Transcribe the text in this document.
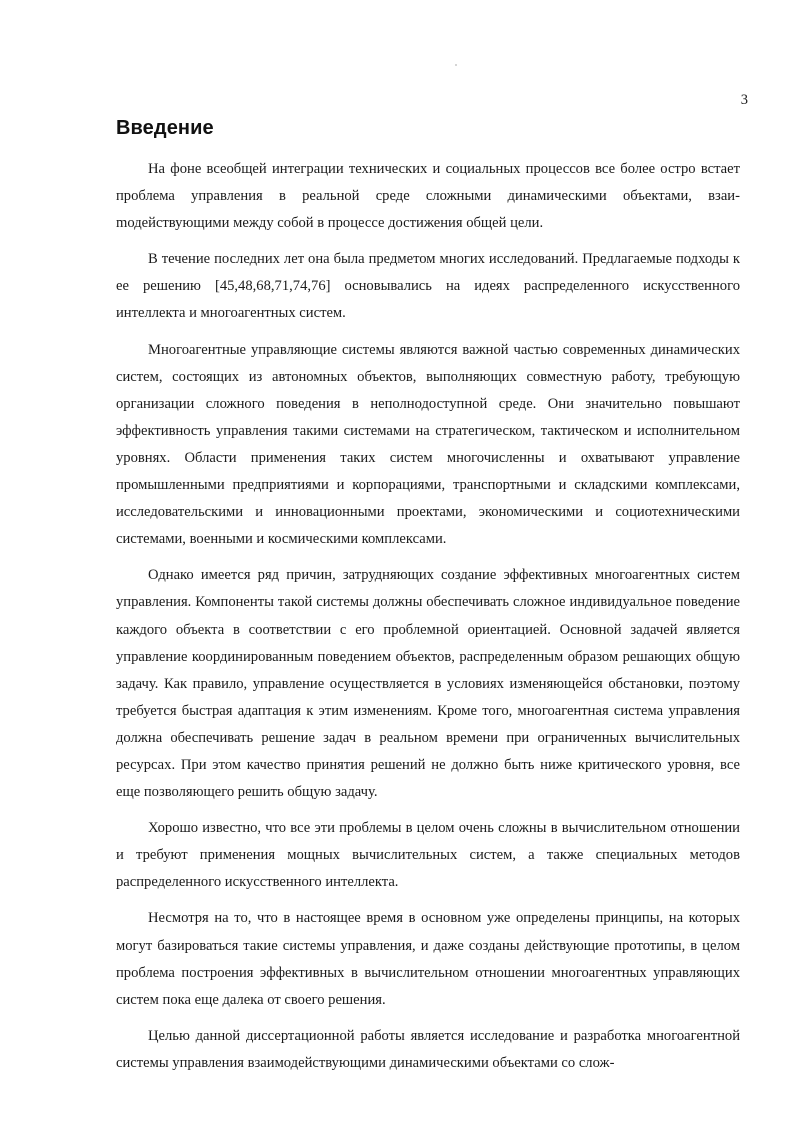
3

Введение

На фоне всеобщей интеграции технических и социальных процессов все более остро встает проблема управления в реальной среде сложными динамическими объектами, взаиmодействующими между собой в процессе достижения общей цели.

В течение последних лет она была предметом многих исследований. Предлагаемые подходы к ее решению [45,48,68,71,74,76] основывались на идеях распределенного искусственного интеллекта и многоагентных систем.

Многоагентные управляющие системы являются важной частью современных динамических систем, состоящих из автономных объектов, выполняющих совместную работу, требующую организации сложного поведения в неполнодоступной среде. Они значительно повышают эффективность управления такими системами на стратегическом, тактическом и исполнительном уровнях. Области применения таких систем многочисленны и охватывают управление промышленными предприятиями и корпорациями, транспортными и складскими комплексами, исследовательскими и инновационными проектами, экономическими и социотехническими системами, военными и космическими комплексами.

Однако имеется ряд причин, затрудняющих создание эффективных многоагентных систем управления. Компоненты такой системы должны обеспечивать сложное индивидуальное поведение каждого объекта в соответствии с его проблемной ориентацией. Основной задачей является управление координированным поведением объектов, распределенным образом решающих общую задачу. Как правило, управление осуществляется в условиях изменяющейся обстановки, поэтому требуется быстрая адаптация к этим изменениям. Кроме того, многоагентная система управления должна обеспечивать решение задач в реальном времени при ограниченных вычислительных ресурсах. При этом качество принятия решений не должно быть ниже критического уровня, все еще позволяющего решить общую задачу.

Хорошо известно, что все эти проблемы в целом очень сложны в вычислительном отношении и требуют применения мощных вычислительных систем, а также специальных методов распределенного искусственного интеллекта.

Несмотря на то, что в настоящее время в основном уже определены принципы, на которых могут базироваться такие системы управления, и даже созданы действующие прототипы, в целом проблема построения эффективных в вычислительном отношении многоагентных управляющих систем пока еще далека от своего решения.

Целью данной диссертационной работы является исследование и разработка многоагентной системы управления взаимодействующими динамическими объектами со слож-
